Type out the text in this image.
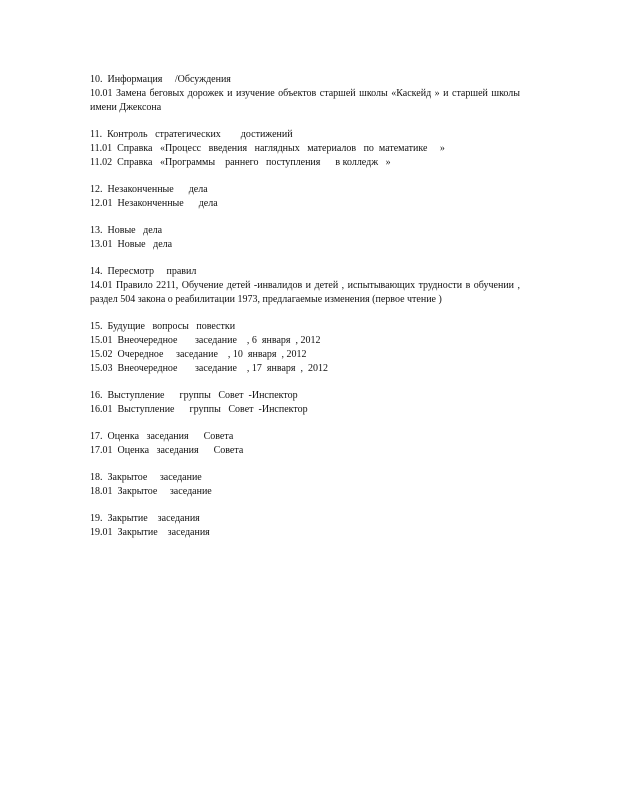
10.  Информация     /Обсуждения
10.01 Замена беговых дорожек и изучение объектов старшей школы «Каскейд » и старшей школы имени Джексона
11.  Контроль   стратегических        достижений
11.01  Справка   «Процесс   введения   наглядных   материалов   по  математике     »
11.02  Справка   «Программы    раннего   поступления      в колледж   »
12.  Незаконченные      дела
12.01  Незаконченные      дела
13.  Новые   дела
13.01  Новые   дела
14.  Пересмотр     правил
14.01 Правило 2211, Обучение детей -инвалидов и детей , испытывающих трудности в обучении , раздел 504 закона о реабилитации 1973, предлагаемые изменения (первое чтение )
15.  Будущие   вопросы   повестки
15.01  Внеочередное       заседание    , 6  января  , 2012
15.02  Очередное     заседание    , 10  января  , 2012
15.03  Внеочередное       заседание    , 17  января  ,  2012
16.  Выступление      группы   Совет  -Инспектор
16.01  Выступление      группы   Совет  -Инспектор
17.  Оценка   заседания      Совета
17.01  Оценка   заседания      Совета
18.  Закрытое     заседание
18.01  Закрытое     заседание
19.  Закрытие    заседания
19.01  Закрытие    заседания
